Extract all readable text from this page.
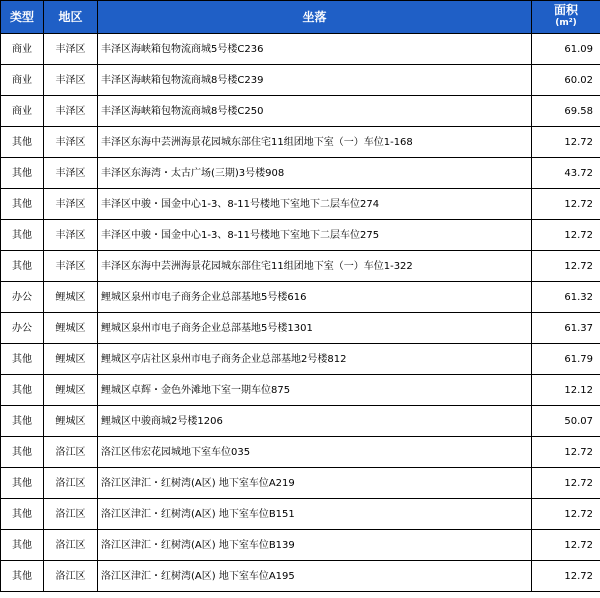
类型	地区	坐落	面积
(m²)

商业	丰泽区	丰泽区海峡箱包物流商城5号楼C236	61.09
商业	丰泽区	丰泽区海峡箱包物流商城8号楼C239	60.02
商业	丰泽区	丰泽区海峡箱包物流商城8号楼C250	69.58
其他	丰泽区	丰泽区东海中芸洲海景花园城东部住宅11组团地下室（一）车位1-168	12.72
其他	丰泽区	丰泽区东海湾・太古广场(三期)3号楼908	43.72
其他	丰泽区	丰泽区中骏・国金中心1-3、8-11号楼地下室地下二层车位274	12.72
其他	丰泽区	丰泽区中骏・国金中心1-3、8-11号楼地下室地下二层车位275	12.72
其他	丰泽区	丰泽区东海中芸洲海景花园城东部住宅11组团地下室（一）车位1-322	12.72
办公	鲤城区	鲤城区泉州市电子商务企业总部基地5号楼616	61.32
办公	鲤城区	鲤城区泉州市电子商务企业总部基地5号楼1301	61.37
其他	鲤城区	鲤城区亭店社区泉州市电子商务企业总部基地2号楼812	61.79
其他	鲤城区	鲤城区卓辉・金色外滩地下室一期车位875	12.12
其他	鲤城区	鲤城区中骏商城2号楼1206	50.07
其他	洛江区	洛江区伟宏花园城地下室车位035	12.72
其他	洛江区	洛江区津汇・红树湾(A区) 地下室车位A219	12.72
其他	洛江区	洛江区津汇・红树湾(A区) 地下室车位B151	12.72
其他	洛江区	洛江区津汇・红树湾(A区) 地下室车位B139	12.72
其他	洛江区	洛江区津汇・红树湾(A区) 地下室车位A195	12.72
